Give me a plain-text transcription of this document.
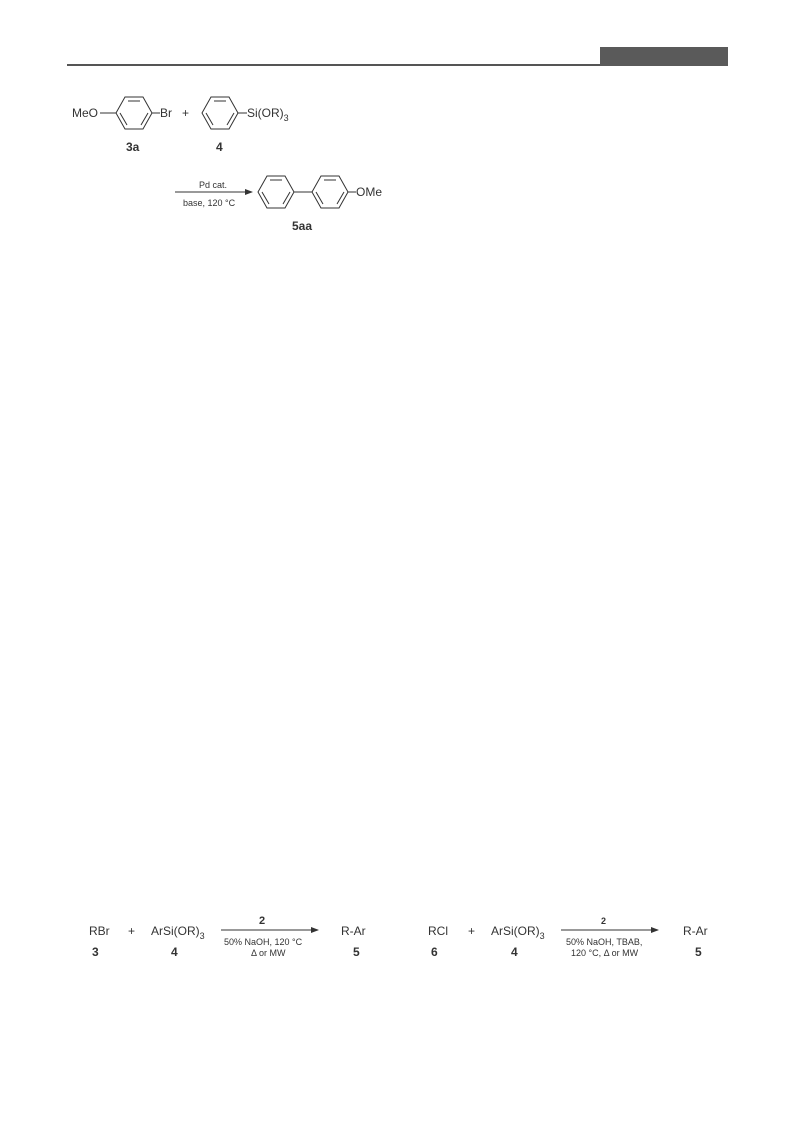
MeO	Br
3a
+	$Si(OR)_3$
4
Pd cat.
base, 120 °C
OMe
5aa
RBr
3
+ $ArSi(OR)_3$
4
2
50% NaOH, 120 °C
Δ or MW
R-Ar
5
RCl
6
+ $ArSi(OR)_3$
4
2
50% NaOH, TBAB,
120 °C, Δ or MW
R-Ar
5
